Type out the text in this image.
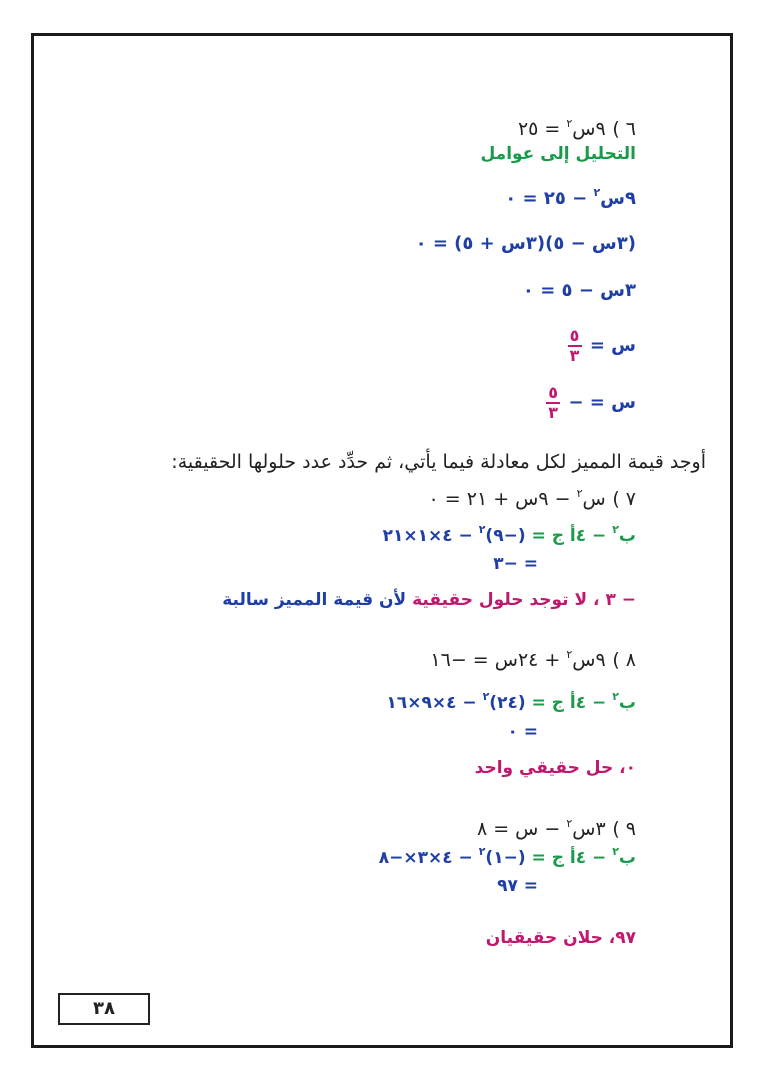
٦ ) ٩س$^٢$ = ٢٥
التحليل إلى عوامل
٩س$^٢$ − ٢٥ = ٠
(٣س − ٥)(٣س + ٥) = ٠
٣س − ٥ = ٠
س =
$\frac{٥}{٣}$
س = −
$\frac{٥}{٣}$
أوجد قيمة المميز لكل معادلة فيما يأتي، ثم حدِّد عدد حلولها الحقيقية:
٧ ) س$^٢$ − ٩س + ٢١ = ٠
ب$^٢$ − ٤أ ج = (−٩)$^٢$ − ٤×١×٢١
= −٣
− ٣ ، لا توجد حلول حقيقية لأن قيمة المميز سالبة
٨ ) ٩س$^٢$ + ٢٤س = −١٦
ب$^٢$ − ٤أ ج = (٢٤)$^٢$ − ٤×٩×١٦
= ٠
٠، حل حقيقي واحد
٩ ) ٣س$^٢$ − س = ٨
ب$^٢$ − ٤أ ج = (−١)$^٢$ − ٤×٣×−٨
= ٩٧
٩٧، حلان حقيقيان
٣٨
